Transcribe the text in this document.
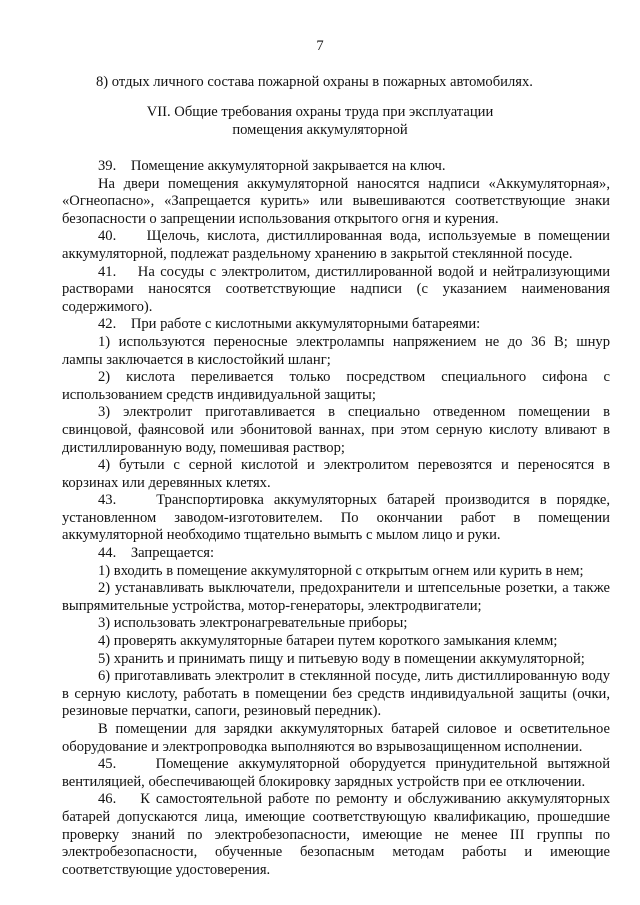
7
8) отдых личного состава пожарной охраны в пожарных автомобилях.
VII. Общие требования охраны труда при эксплуатации
помещения аккумуляторной

39.    Помещение аккумуляторной закрывается на ключ.

На двери помещения аккумуляторной наносятся надписи «Аккумуляторная», «Огнеопасно», «Запрещается курить» или вывешиваются соответствующие знаки безопасности о запрещении использования открытого огня и курения.

40.    Щелочь, кислота, дистиллированная вода, используемые в помещении аккумуляторной, подлежат раздельному хранению в закрытой стеклянной посуде.

41.    На сосуды с электролитом, дистиллированной водой и нейтрализующими растворами наносятся соответствующие надписи (с указанием наименования содержимого).

42.    При работе с кислотными аккумуляторными батареями:

1) используются переносные электролампы напряжением не до 36 В; шнур лампы заключается в кислостойкий шланг;

2) кислота переливается только посредством специального сифона с использованием средств индивидуальной защиты;

3) электролит приготавливается в специально отведенном помещении в свинцовой, фаянсовой или эбонитовой ваннах, при этом серную кислоту вливают в дистиллированную воду, помешивая раствор;

4) бутыли с серной кислотой и электролитом перевозятся и переносятся в корзинах или деревянных клетях.

43.    Транспортировка аккумуляторных батарей производится в порядке, установленном заводом-изготовителем. По окончании работ в помещении аккумуляторной необходимо тщательно вымыть с мылом лицо и руки.

44.    Запрещается:

1) входить в помещение аккумуляторной с открытым огнем или курить в нем;

2) устанавливать выключатели, предохранители и штепсельные розетки, а также выпрямительные устройства, мотор-генераторы, электродвигатели;

3) использовать электронагревательные приборы;

4) проверять аккумуляторные батареи путем короткого замыкания клемм;

5) хранить и принимать пищу и питьевую воду в помещении аккумуляторной;

6) приготавливать электролит в стеклянной посуде, лить дистиллированную воду в серную кислоту, работать в помещении без средств индивидуальной защиты (очки, резиновые перчатки, сапоги, резиновый передник).

В помещении для зарядки аккумуляторных батарей силовое и осветительное оборудование и электропроводка выполняются во взрывозащищенном исполнении.

45.    Помещение аккумуляторной оборудуется принудительной вытяжной вентиляцией, обеспечивающей блокировку зарядных устройств при ее отключении.

46.    К самостоятельной работе по ремонту и обслуживанию аккумуляторных батарей допускаются лица, имеющие соответствующую квалификацию, прошедшие проверку знаний по электробезопасности, имеющие не менее III группы по электробезопасности, обученные безопасным методам работы и имеющие соответствующие удостоверения.
